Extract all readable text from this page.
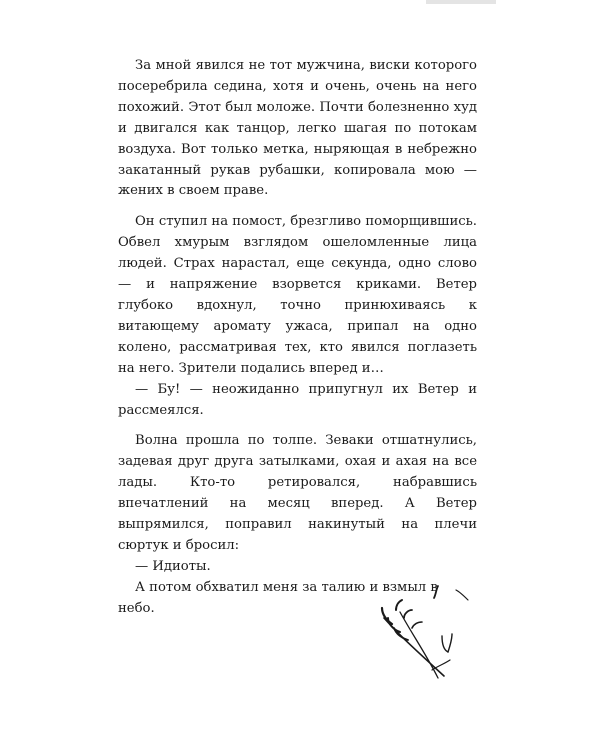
За мной явился не тот мужчина, виски которого посеребрила седина, хотя и очень, очень на него похожий. Этот был моложе. Почти болезненно худ и двигался как танцор, легко шагая по потокам воздуха. Вот только метка, ныряющая в небрежно закатанный рукав рубашки, копировала мою — жених в своем праве.

Он ступил на помост, брезгливо поморщившись. Обвел хмурым взглядом ошеломленные лица людей. Страх нарастал, еще секунда, одно слово — и напряжение взорвется криками. Ветер глубоко вдохнул, точно принюхиваясь к витающему аромату ужаса, припал на одно колено, рассматривая тех, кто явился поглазеть на него. Зрители подались вперед и…

— Бу! — неожиданно припугнул их Ветер и рассмеялся.

Волна прошла по толпе. Зеваки отшатнулись, задевая друг друга затылками, охая и ахая на все лады. Кто-то ретировался, набравшись впечатлений на месяц вперед. А Ветер выпрямился, поправил накинутый на плечи сюртук и бросил:

— Идиоты.

А потом обхватил меня за талию и взмыл в небо.
